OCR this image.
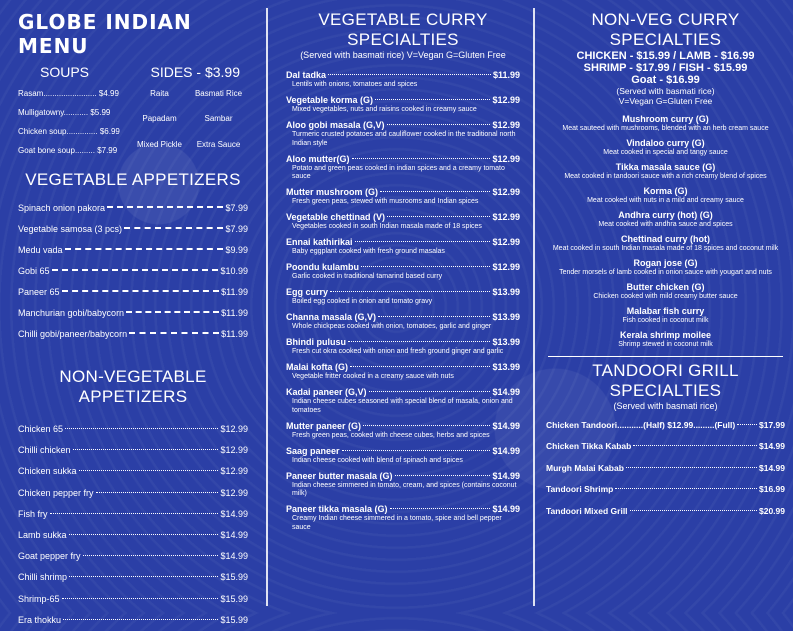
GLOBE INDIAN MENU
SOUPS	SIDES - $3.99
Rasam........................ $4.99
Mulligatowny........... $5.99
Chicken soup.............. $6.99
Goat bone soup......... $7.99
Raita	Basmati Rice
Papadam	Sambar
Mixed Pickle	Extra Sauce
VEGETABLE APPETIZERS
Spinach onion pakora	$7.99
Vegetable samosa (3 pcs)	$7.99
Medu vada	$9.99
Gobi 65	$10.99
Paneer 65	$11.99
Manchurian gobi/babycorn	$11.99
Chilli gobi/paneer/babycorn	$11.99
NON-VEGETABLE APPETIZERS
Chicken 65	$12.99
Chilli chicken	$12.99
Chicken sukka	$12.99
Chicken pepper fry	$12.99
Fish fry	$14.99
Lamb sukka	$14.99
Goat pepper fry	$14.99
Chilli shrimp	$15.99
Shrimp-65	$15.99
Era thokku	$15.99
VEGETABLE CURRY SPECIALTIES
(Served with basmati rice) V=Vegan G=Gluten Free
Dal tadka	$11.99
Lentils with onions, tomatoes and spices
Vegetable korma (G)	$12.99
Mixed vegetables, nuts and raisins cooked in creamy sauce
Aloo gobi masala (G,V)	$12.99
Turmeric crusted potatoes and cauliflower cooked in the traditional north Indian style
Aloo mutter(G)	$12.99
Potato and green peas cooked in indian spices and a creamy tomato sauce
Mutter mushroom (G)	$12.99
Fresh green peas, stewed with musrooms and Indian spices
Vegetable chettinad (V)	$12.99
Vegetables cooked in south Indian masala made of 18 spices
Ennai kathirikai	$12.99
Baby eggplant cooked with fresh ground masalas
Poondu kulambu	$12.99
Garlic cooked in traditional tamarind based curry
Egg curry	$13.99
Boiled egg cooked in onion and tomato gravy
Channa masala (G,V)	$13.99
Whole chickpeas cooked with onion, tomatoes, garlic and ginger
Bhindi pulusu	$13.99
Fresh cut okra cooked with onion and fresh ground ginger and garlic
Malai kofta (G)	$13.99
Vegetable fritter cooked in a creamy sauce with nuts
Kadai paneer (G,V)	$14.99
Indian cheese cubes seasoned with special blend of masala, onion and tomatoes
Mutter paneer (G)	$14.99
Fresh green peas, cooked with cheese cubes, herbs and spices
Saag paneer	$14.99
Indian cheese cooked with blend of spinach and spices
Paneer butter masala (G)	$14.99
Indian cheese simmered in tomato, cream, and spices (contains coconut milk)
Paneer tikka masala (G)	$14.99
Creamy Indian cheese simmered in a tomato, spice and bell pepper sauce
NON-VEG CURRY SPECIALTIES
CHICKEN - $15.99 / LAMB - $16.99
SHRIMP - $17.99 / FISH - $15.99
Goat - $16.99
(Served with basmati rice)
V=Vegan G=Gluten Free
Mushroom curry (G)
Meat sauteed with mushrooms, blended with an herb cream sauce
Vindaloo curry (G)
Meat cooked in special and tangy sauce
Tikka masala sauce (G)
Meat cooked in tandoori sauce with a rich creamy blend of spices
Korma (G)
Meat cooked with nuts in a mild and creamy sauce
Andhra curry (hot) (G)
Meat cooked with andhra sauce and spices
Chettinad curry (hot)
Meat cooked in south Indian masala made of 18 spices and coconut milk
Rogan jose (G)
Tender morsels of lamb cooked in onion sauce with yougart and nuts
Butter chicken (G)
Chicken cooked with mild creamy butter sauce
Malabar fish curry
Fish cooked in coconut milk
Kerala shrimp moilee
Shrimp stewed in coconut milk
TANDOORI GRILL SPECIALTIES
(Served with basmati rice)
Chicken Tandoori ...........(Half) $12.99.........(Full)	$17.99
Chicken Tikka Kabab	$14.99
Murgh Malai Kabab	$14.99
Tandoori Shrimp	$16.99
Tandoori Mixed Grill	$20.99
